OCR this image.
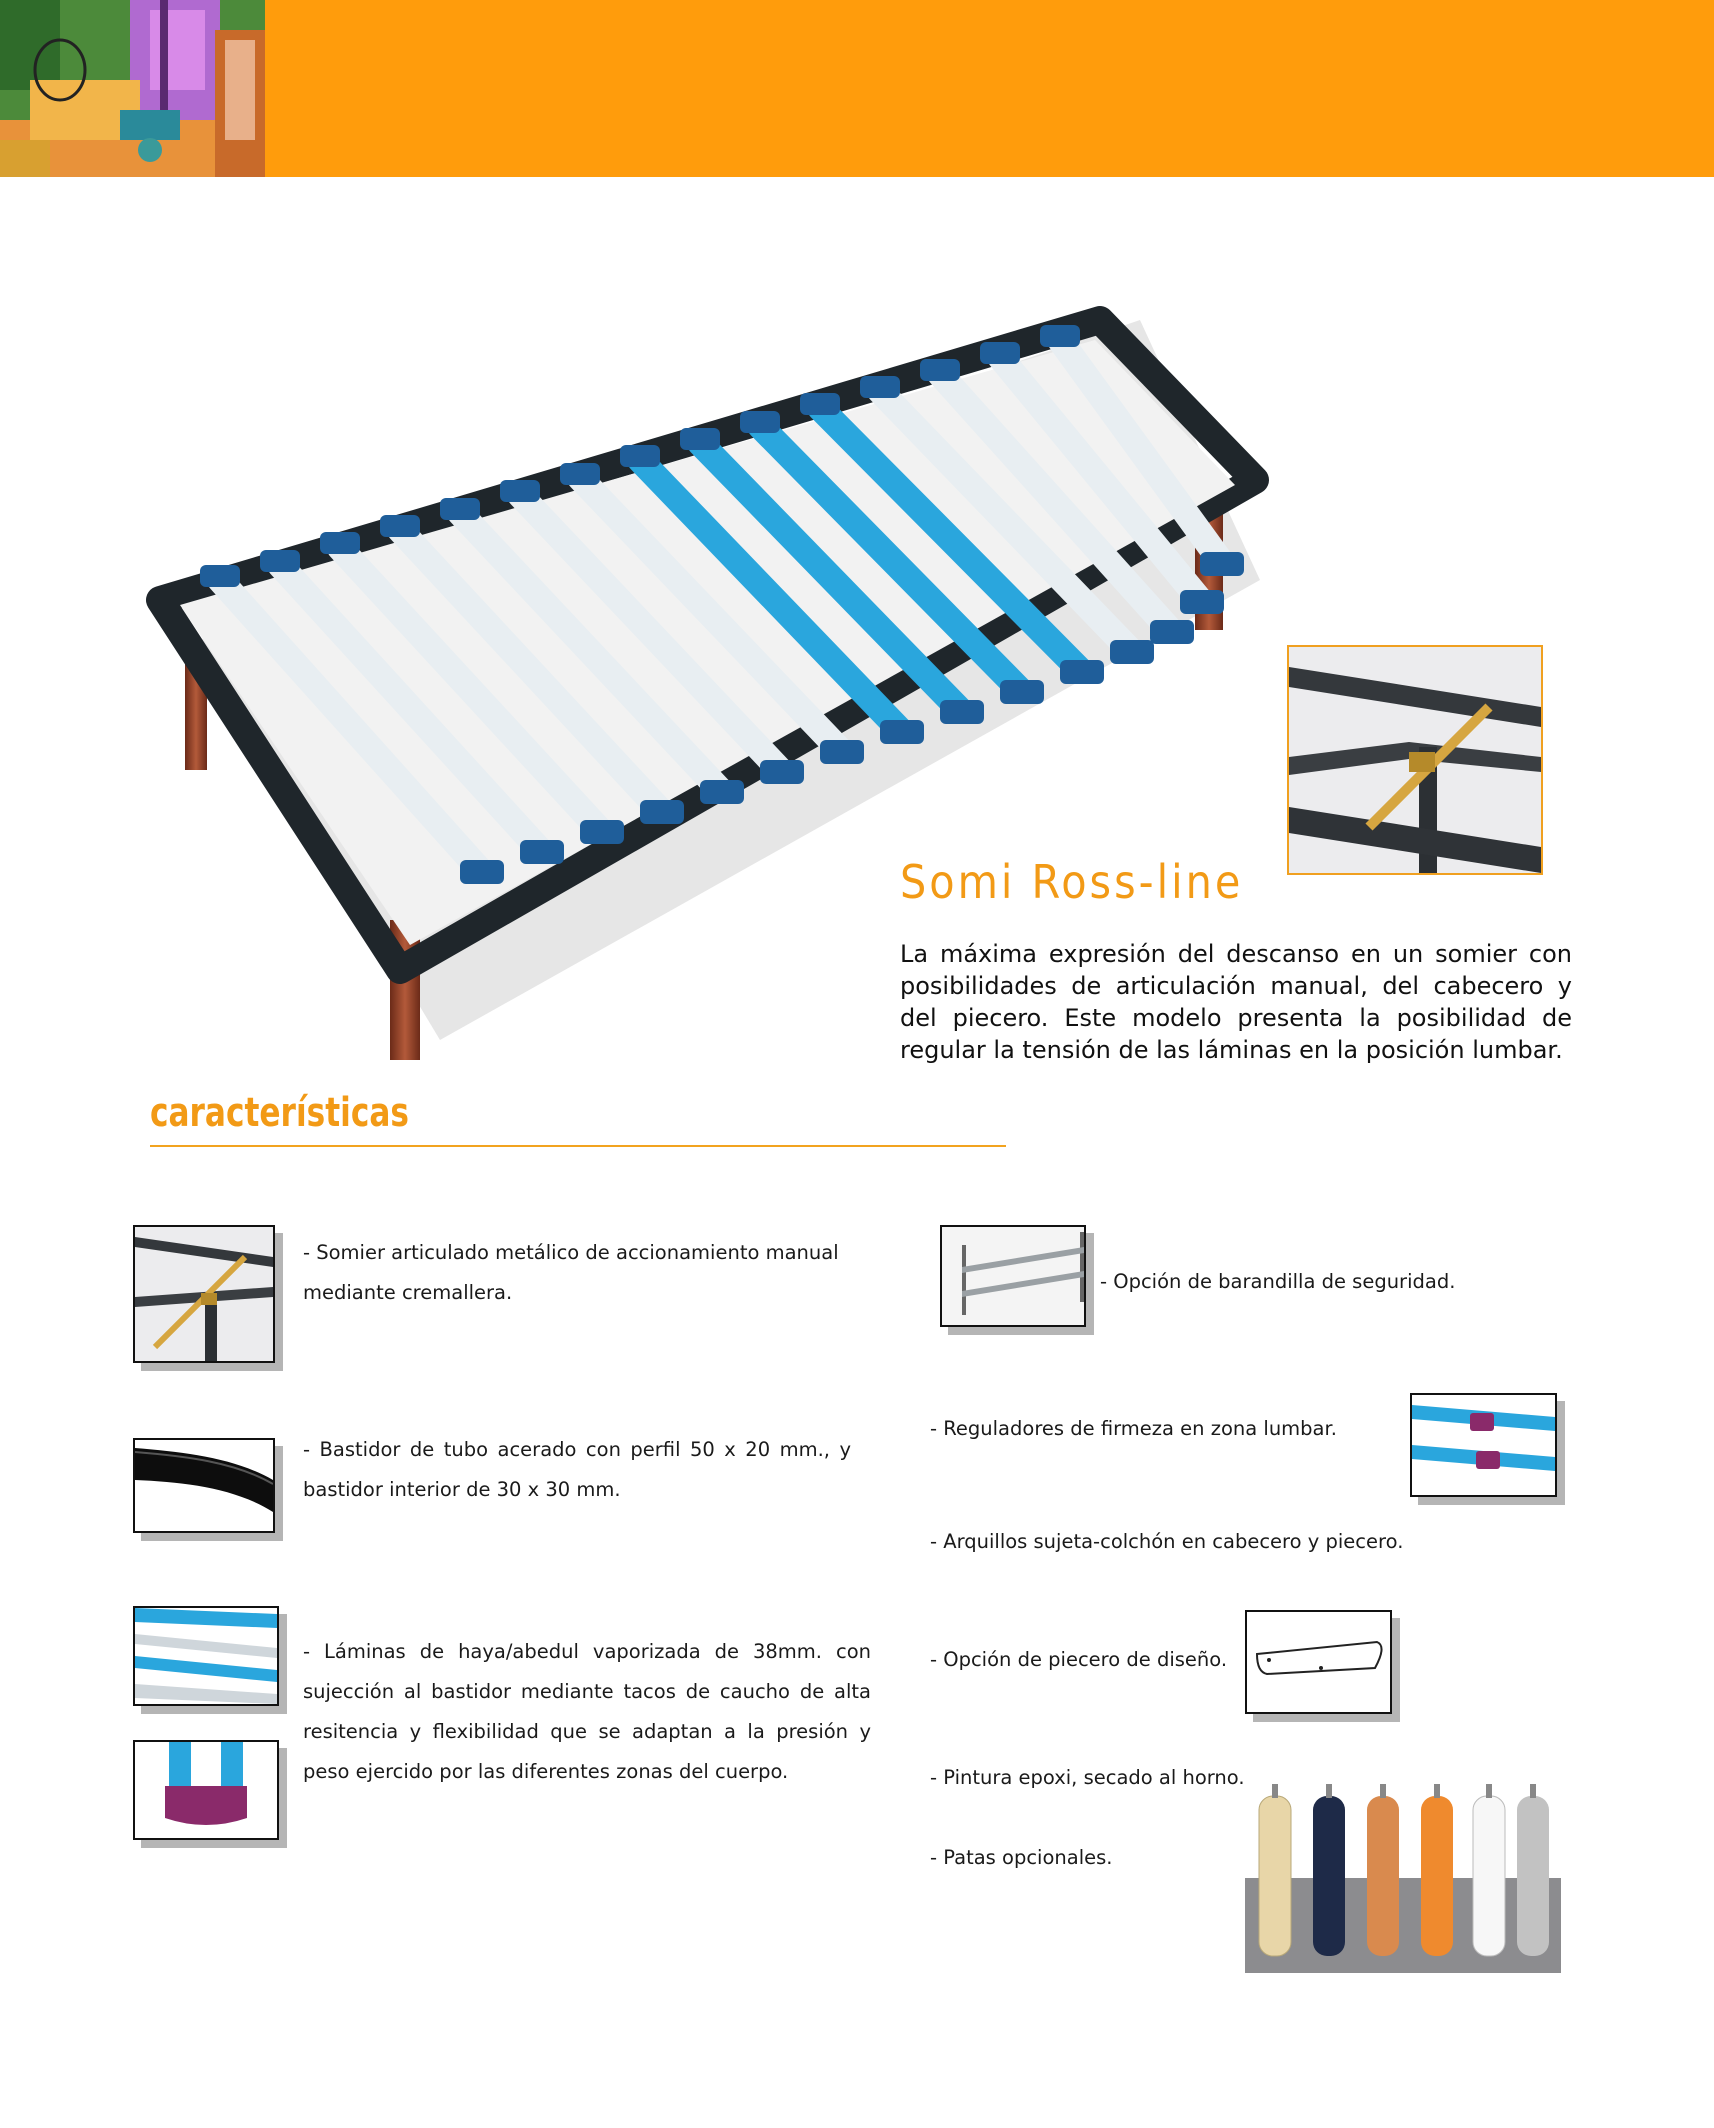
Somi Ross-line
La máxima expresión del descanso en un somier con posibilidades de articulación manual, del cabecero y del piecero. Este modelo presenta la posibilidad de regular la tensión de las láminas en la posición lumbar.
características
- Somier articulado metálico de accionamiento manual mediante cremallera.
- Bastidor de tubo acerado con perfil 50 x 20 mm., y bastidor interior de 30 x 30 mm.
- Láminas de haya/abedul vaporizada de 38mm. con sujección al bastidor mediante tacos de caucho de alta resitencia y flexibilidad que se adaptan a la presión y peso ejercido por las diferentes zonas del cuerpo.
- Opción de barandilla de seguridad.
- Reguladores de firmeza en zona lumbar.
- Arquillos sujeta-colchón en cabecero y piecero.
- Opción de piecero de diseño.
- Pintura epoxi, secado al horno.
- Patas opcionales.
